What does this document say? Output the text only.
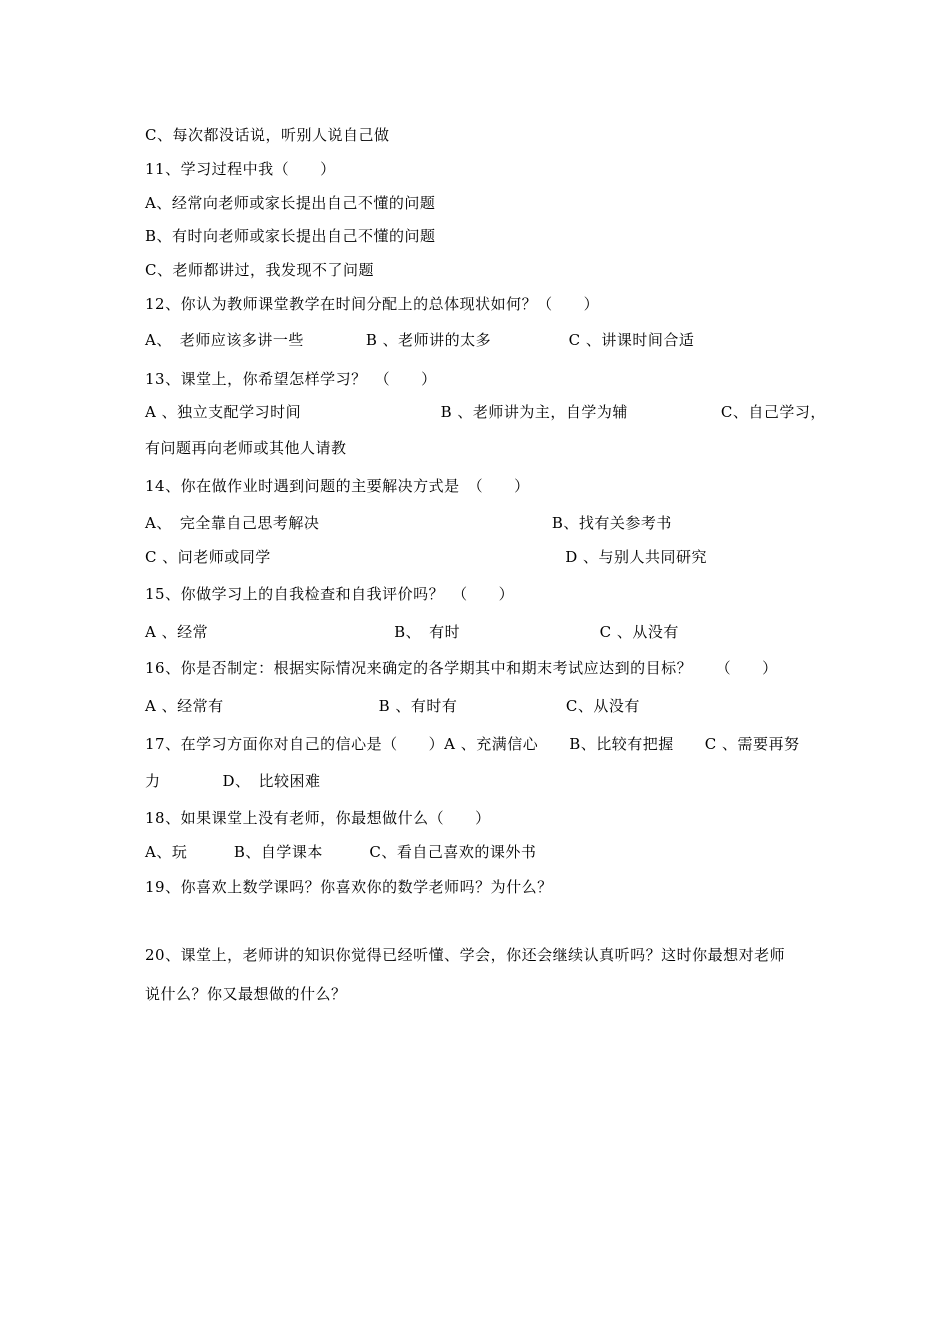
C、每次都没话说，听别人说自己做
11、学习过程中我（　　）
A、经常向老师或家长提出自己不懂的问题
B、有时向老师或家长提出自己不懂的问题
C、老师都讲过，我发现不了问题
12、你认为教师课堂教学在时间分配上的总体现状如何？（　　）
A、　老师应该多讲一些　　　　B 、老师讲的太多　　　　　C 、讲课时间合适
13、课堂上，你希望怎样学习？　（　　）
A 、独立支配学习时间　　　　　　　　　B 、老师讲为主，自学为辅　　　　　　C、自己学习，
有问题再向老师或其他人请教
14、你在做作业时遇到问题的主要解决方式是　（　　）
A、　完全靠自己思考解决　　　　　　　　　　　　　　　B、找有关参考书
C 、问老师或同学　　　　　　　　　　　　　　　　　　　D 、与别人共同研究
15、你做学习上的自我检查和自我评价吗？　（　　）
A 、经常　　　　　　　　　　　　B、　有时　　　　　　　　　C 、从没有
16、你是否制定：根据实际情况来确定的各学期其中和期末考试应达到的目标？　　（　　）
A 、经常有　　　　　　　　　　B 、有时有　　　　　　　C、从没有
17、在学习方面你对自己的信心是（　　）A 、充满信心　　B、比较有把握　　C 、需要再努
力　　　　D、　比较困难
18、如果课堂上没有老师，你最想做什么（　　）
A、玩　　　B、自学课本　　　C、看自己喜欢的课外书
19、你喜欢上数学课吗？你喜欢你的数学老师吗？为什么？
20、课堂上，老师讲的知识你觉得已经听懂、学会，你还会继续认真听吗？这时你最想对老师
说什么？你又最想做的什么？
